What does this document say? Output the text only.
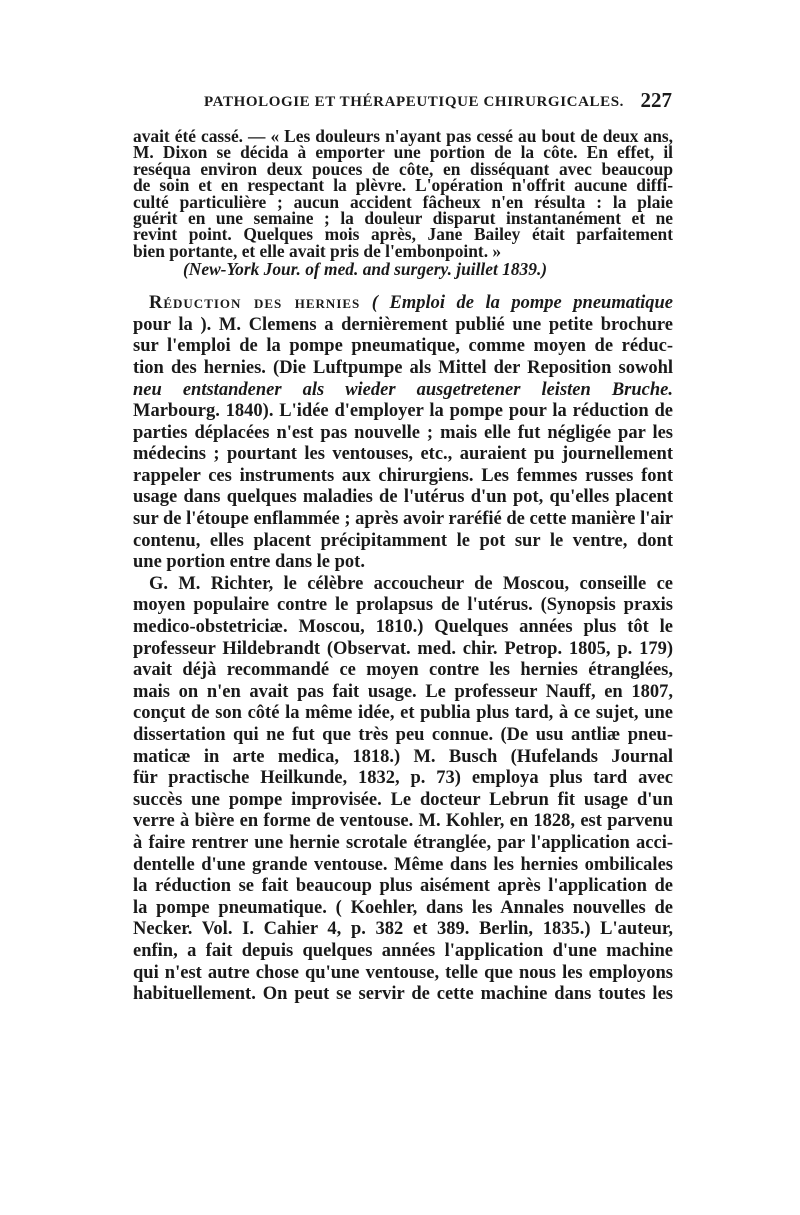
PATHOLOGIE ET THÉRAPEUTIQUE CHIRURGICALES. 227
avait été cassé. — « Les douleurs n'ayant pas cessé au bout de deux ans,
M. Dixon se décida à emporter une portion de la côte. En effet, il
reséqua environ deux pouces de côte, en disséquant avec beaucoup
de soin et en respectant la plèvre. L'opération n'offrit aucune diffi-
culté particulière ; aucun accident fâcheux n'en résulta : la plaie
guérit en une semaine ; la douleur disparut instantanément et ne
revint point. Quelques mois après, Jane Bailey était parfaitement
bien portante, et elle avait pris de l'embonpoint. »
(New-York Jour. of med. and surgery. juillet 1839.)
Réduction des hernies ( Emploi de la pompe pneumatique
pour la ). M. Clemens a dernièrement publié une petite brochure
sur l'emploi de la pompe pneumatique, comme moyen de réduc-
tion des hernies. (Die Luftpumpe als Mittel der Reposition sowohl
neu entstandener als wieder ausgetretener leisten Bruche.
Marbourg. 1840). L'idée d'employer la pompe pour la réduction de
parties déplacées n'est pas nouvelle ; mais elle fut négligée par les
médecins ; pourtant les ventouses, etc., auraient pu journellement
rappeler ces instruments aux chirurgiens. Les femmes russes font
usage dans quelques maladies de l'utérus d'un pot, qu'elles placent
sur de l'étoupe enflammée ; après avoir raréfié de cette manière l'air
contenu, elles placent précipitamment le pot sur le ventre, dont
une portion entre dans le pot.
G. M. Richter, le célèbre accoucheur de Moscou, conseille ce
moyen populaire contre le prolapsus de l'utérus. (Synopsis praxis
medico-obstetriciæ. Moscou, 1810.) Quelques années plus tôt le
professeur Hildebrandt (Observat. med. chir. Petrop. 1805, p. 179)
avait déjà recommandé ce moyen contre les hernies étranglées,
mais on n'en avait pas fait usage. Le professeur Nauff, en 1807,
conçut de son côté la même idée, et publia plus tard, à ce sujet, une
dissertation qui ne fut que très peu connue. (De usu antliæ pneu-
maticæ in arte medica, 1818.) M. Busch (Hufelands Journal
für practische Heilkunde, 1832, p. 73) employa plus tard avec
succès une pompe improvisée. Le docteur Lebrun fit usage d'un
verre à bière en forme de ventouse. M. Kohler, en 1828, est parvenu
à faire rentrer une hernie scrotale étranglée, par l'application acci-
dentelle d'une grande ventouse. Même dans les hernies ombilicales
la réduction se fait beaucoup plus aisément après l'application de
la pompe pneumatique. ( Koehler, dans les Annales nouvelles de
Necker. Vol. I. Cahier 4, p. 382 et 389. Berlin, 1835.) L'auteur,
enfin, a fait depuis quelques années l'application d'une machine
qui n'est autre chose qu'une ventouse, telle que nous les employons
habituellement. On peut se servir de cette machine dans toutes les
